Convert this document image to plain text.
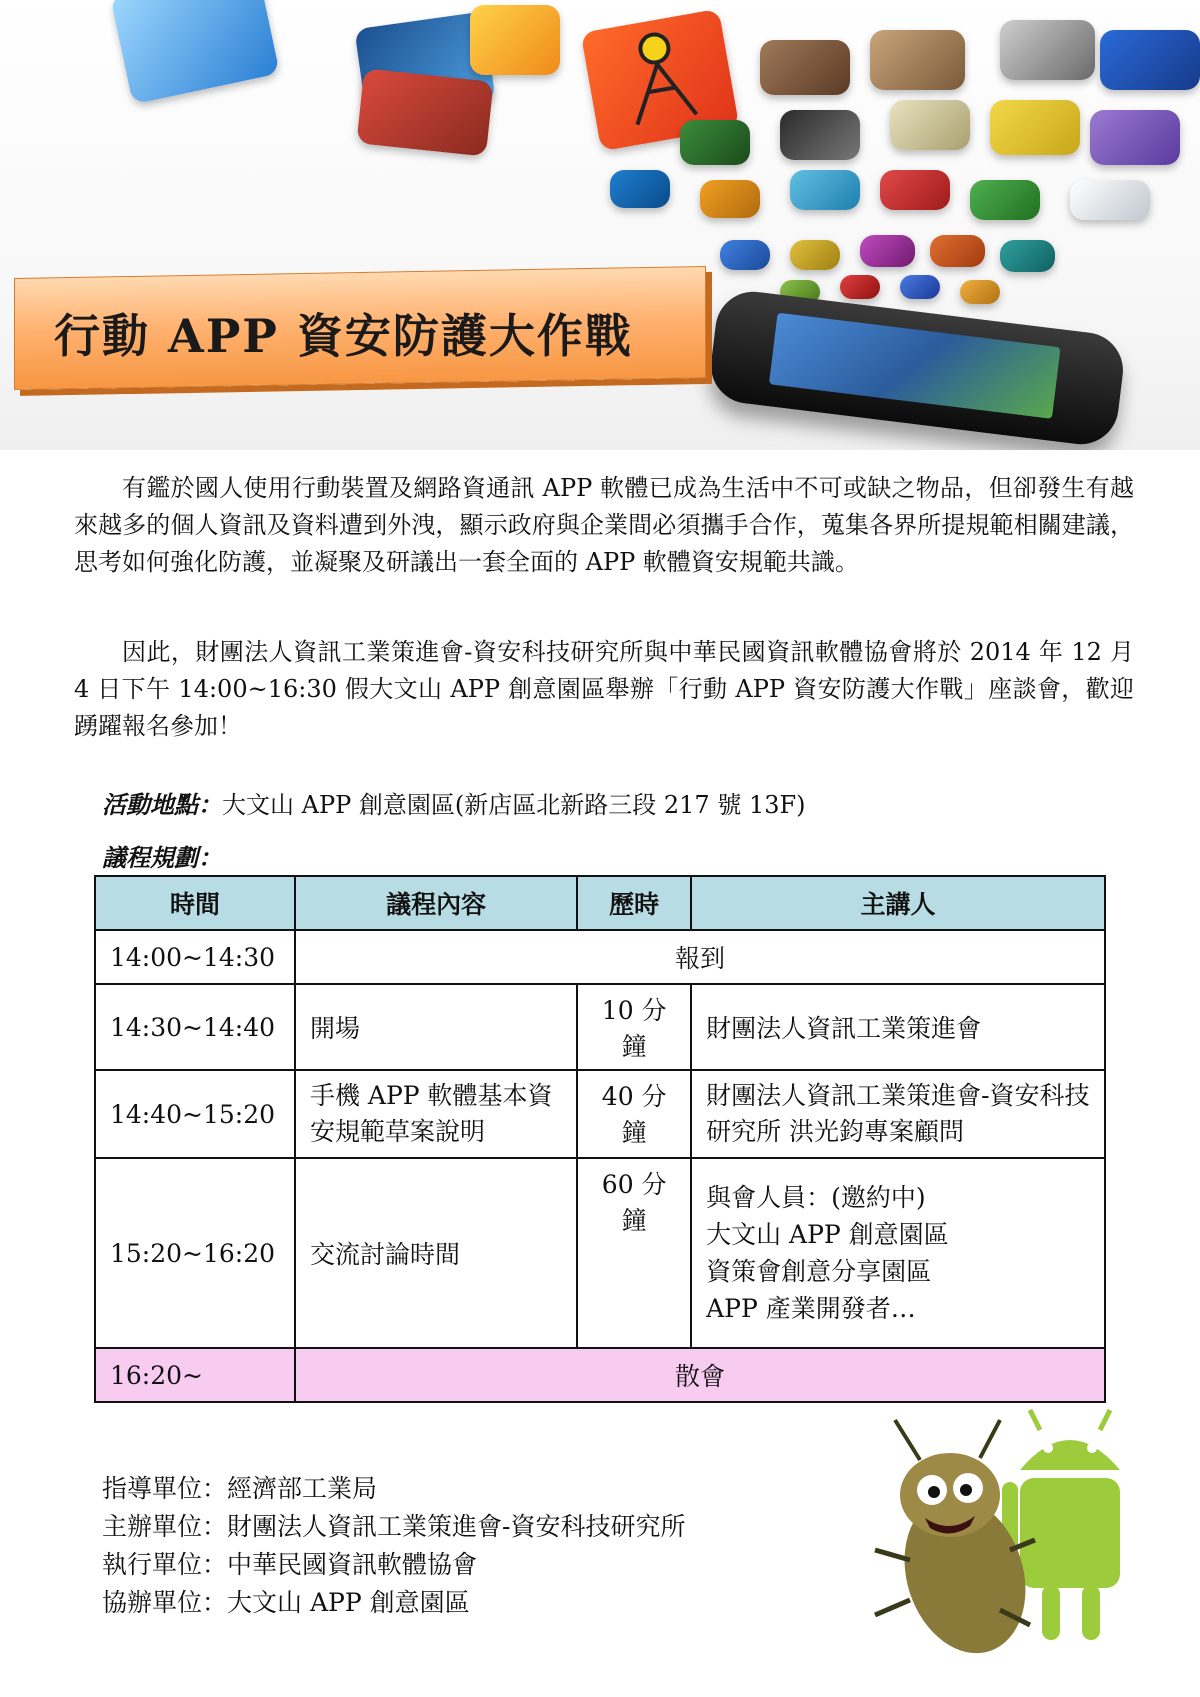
行動 APP 資安防護大作戰

有鑑於國人使用行動裝置及網路資通訊 APP 軟體已成為生活中不可或缺之物品，但卻發生有越來越多的個人資訊及資料遭到外洩，顯示政府與企業間必須攜手合作，蒐集各界所提規範相關建議，思考如何強化防護，並凝聚及研議出一套全面的 APP 軟體資安規範共識。

因此，財團法人資訊工業策進會-資安科技研究所與中華民國資訊軟體協會將於 2014 年 12 月 4 日下午 14:00~16:30 假大文山 APP 創意園區舉辦「行動 APP 資安防護大作戰」座談會，歡迎踴躍報名參加！

活動地點：大文山 APP 創意園區(新店區北新路三段 217 號 13F)
議程規劃：
時間	議程內容	歷時	主講人
14:00~14:30	報到		
14:30~14:40	開場	10 分鐘	財團法人資訊工業策進會
14:40~15:20	手機 APP 軟體基本資安規範草案說明	40 分鐘	財團法人資訊工業策進會-資安科技研究所 洪光鈞專案顧問
15:20~16:20	交流討論時間	60 分鐘	與會人員：(邀約中)
大文山 APP 創意園區
資策會創意分享園區
APP 產業開發者…

16:20~	散會		
指導單位：經濟部工業局
主辦單位：財團法人資訊工業策進會-資安科技研究所
執行單位：中華民國資訊軟體協會
協辦單位：大文山 APP 創意園區
